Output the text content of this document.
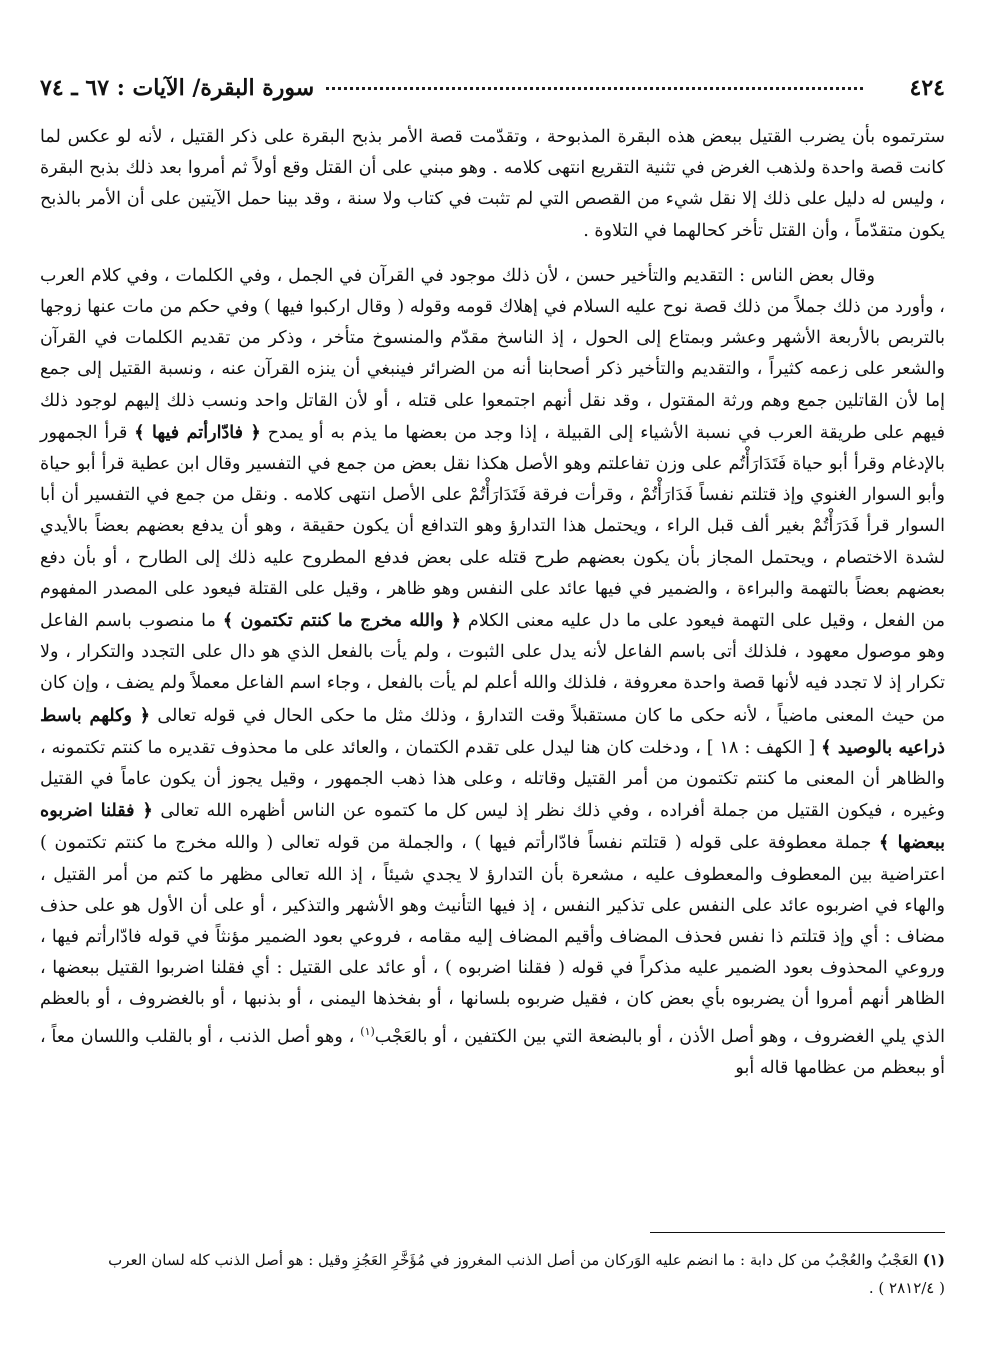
٤٢٤
سورة البقرة/ الآيات : ٦٧ ـ ٧٤

سترتموه بأن يضرب القتيل ببعض هذه البقرة المذبوحة ، وتقدّمت قصة الأمر بذبح البقرة على ذكر القتيل ، لأنه لو عكس لما كانت قصة واحدة ولذهب الغرض في تثنية التقريع انتهى كلامه . وهو مبني على أن القتل وقع أولاً ثم أمروا بعد ذلك بذبح البقرة ، وليس له دليل على ذلك إلا نقل شيء من القصص التي لم تثبت في كتاب ولا سنة ، وقد بينا حمل الآيتين على أن الأمر بالذبح يكون متقدّماً ، وأن القتل تأخر كحالهما في التلاوة .

وقال بعض الناس : التقديم والتأخير حسن ، لأن ذلك موجود في القرآن في الجمل ، وفي الكلمات ، وفي كلام العرب ، وأورد من ذلك جملاً من ذلك قصة نوح عليه السلام في إهلاك قومه وقوله ( وقال اركبوا فيها ) وفي حكم من مات عنها زوجها بالتربص بالأربعة الأشهر وعشر وبمتاع إلى الحول ، إذ الناسخ مقدّم والمنسوخ متأخر ، وذكر من تقديم الكلمات في القرآن والشعر على زعمه كثيراً ، والتقديم والتأخير ذكر أصحابنا أنه من الضرائر فينبغي أن ينزه القرآن عنه ، ونسبة القتيل إلى جمع إما لأن القاتلين جمع وهم ورثة المقتول ، وقد نقل أنهم اجتمعوا على قتله ، أو لأن القاتل واحد ونسب ذلك إليهم لوجود ذلك فيهم على طريقة العرب في نسبة الأشياء إلى القبيلة ، إذا وجد من بعضها ما يذم به أو يمدح ﴿ فادّارأتم فيها ﴾ قرأ الجمهور بالإدغام وقرأ أبو حياة فَتَدَارَأْتُم على وزن تفاعلتم وهو الأصل هكذا نقل بعض من جمع في التفسير وقال ابن عطية قرأ أبو حياة وأبو السوار الغنوي وإذ قتلتم نفساً فَدَارَأْتُمْ ، وقرأت فرقة فَتَدَارَأْتُمْ على الأصل انتهى كلامه . ونقل من جمع في التفسير أن أبا السوار قرأ فَدَرَأْتُمْ بغير ألف قبل الراء ، ويحتمل هذا التدارؤ وهو التدافع أن يكون حقيقة ، وهو أن يدفع بعضهم بعضاً بالأيدي لشدة الاختصام ، ويحتمل المجاز بأن يكون بعضهم طرح قتله على بعض فدفع المطروح عليه ذلك إلى الطارح ، أو بأن دفع بعضهم بعضاً بالتهمة والبراءة ، والضمير في فيها عائد على النفس وهو ظاهر ، وقيل على القتلة فيعود على المصدر المفهوم من الفعل ، وقيل على التهمة فيعود على ما دل عليه معنى الكلام ﴿ والله مخرج ما كنتم تكتمون ﴾ ما منصوب باسم الفاعل وهو موصول معهود ، فلذلك أتى باسم الفاعل لأنه يدل على الثبوت ، ولم يأت بالفعل الذي هو دال على التجدد والتكرار ، ولا تكرار إذ لا تجدد فيه لأنها قصة واحدة معروفة ، فلذلك والله أعلم لم يأت بالفعل ، وجاء اسم الفاعل معملاً ولم يضف ، وإن كان من حيث المعنى ماضياً ، لأنه حكى ما كان مستقبلاً وقت التدارؤ ، وذلك مثل ما حكى الحال في قوله تعالى ﴿ وكلهم باسط ذراعيه بالوصيد ﴾ [ الكهف : ١٨ ] ، ودخلت كان هنا ليدل على تقدم الكتمان ، والعائد على ما محذوف تقديره ما كنتم تكتمونه ، والظاهر أن المعنى ما كنتم تكتمون من أمر القتيل وقاتله ، وعلى هذا ذهب الجمهور ، وقيل يجوز أن يكون عاماً في القتيل وغيره ، فيكون القتيل من جملة أفراده ، وفي ذلك نظر إذ ليس كل ما كتموه عن الناس أظهره الله تعالى ﴿ فقلنا اضربوه ببعضها ﴾ جملة معطوفة على قوله ( قتلتم نفساً فادّارأتم فيها ) ، والجملة من قوله تعالى ( والله مخرج ما كنتم تكتمون ) اعتراضية بين المعطوف والمعطوف عليه ، مشعرة بأن التدارؤ لا يجدي شيئاً ، إذ الله تعالى مظهر ما كتم من أمر القتيل ، والهاء في اضربوه عائد على النفس على تذكير النفس ، إذ فيها التأنيث وهو الأشهر والتذكير ، أو على أن الأول هو على حذف مضاف : أي وإذ قتلتم ذا نفس فحذف المضاف وأقيم المضاف إليه مقامه ، فروعي بعود الضمير مؤنثاً في قوله فادّارأتم فيها ، وروعي المحذوف بعود الضمير عليه مذكراً في قوله ( فقلنا اضربوه ) ، أو عائد على القتيل : أي فقلنا اضربوا القتيل ببعضها ، الظاهر أنهم أمروا أن يضربوه بأي بعض كان ، فقيل ضربوه بلسانها ، أو بفخذها اليمنى ، أو بذنبها ، أو بالغضروف ، أو بالعظم الذي يلي الغضروف ، وهو أصل الأذن ، أو بالبضعة التي بين الكتفين ، أو بالعَجْب$^{(١)}$ ، وهو أصل الذنب ، أو بالقلب واللسان معاً ، أو ببعظم من عظامها قاله أبو

(١) العَجْبُ والعُجْبُ من كل دابة : ما انضم عليه الوَركان من أصل الذنب المغروز في مُؤَخَّرِ العَجُزِ وقيل : هو أصل الذنب كله لسان العرب
( ٢٨١٢/٤ ) .
